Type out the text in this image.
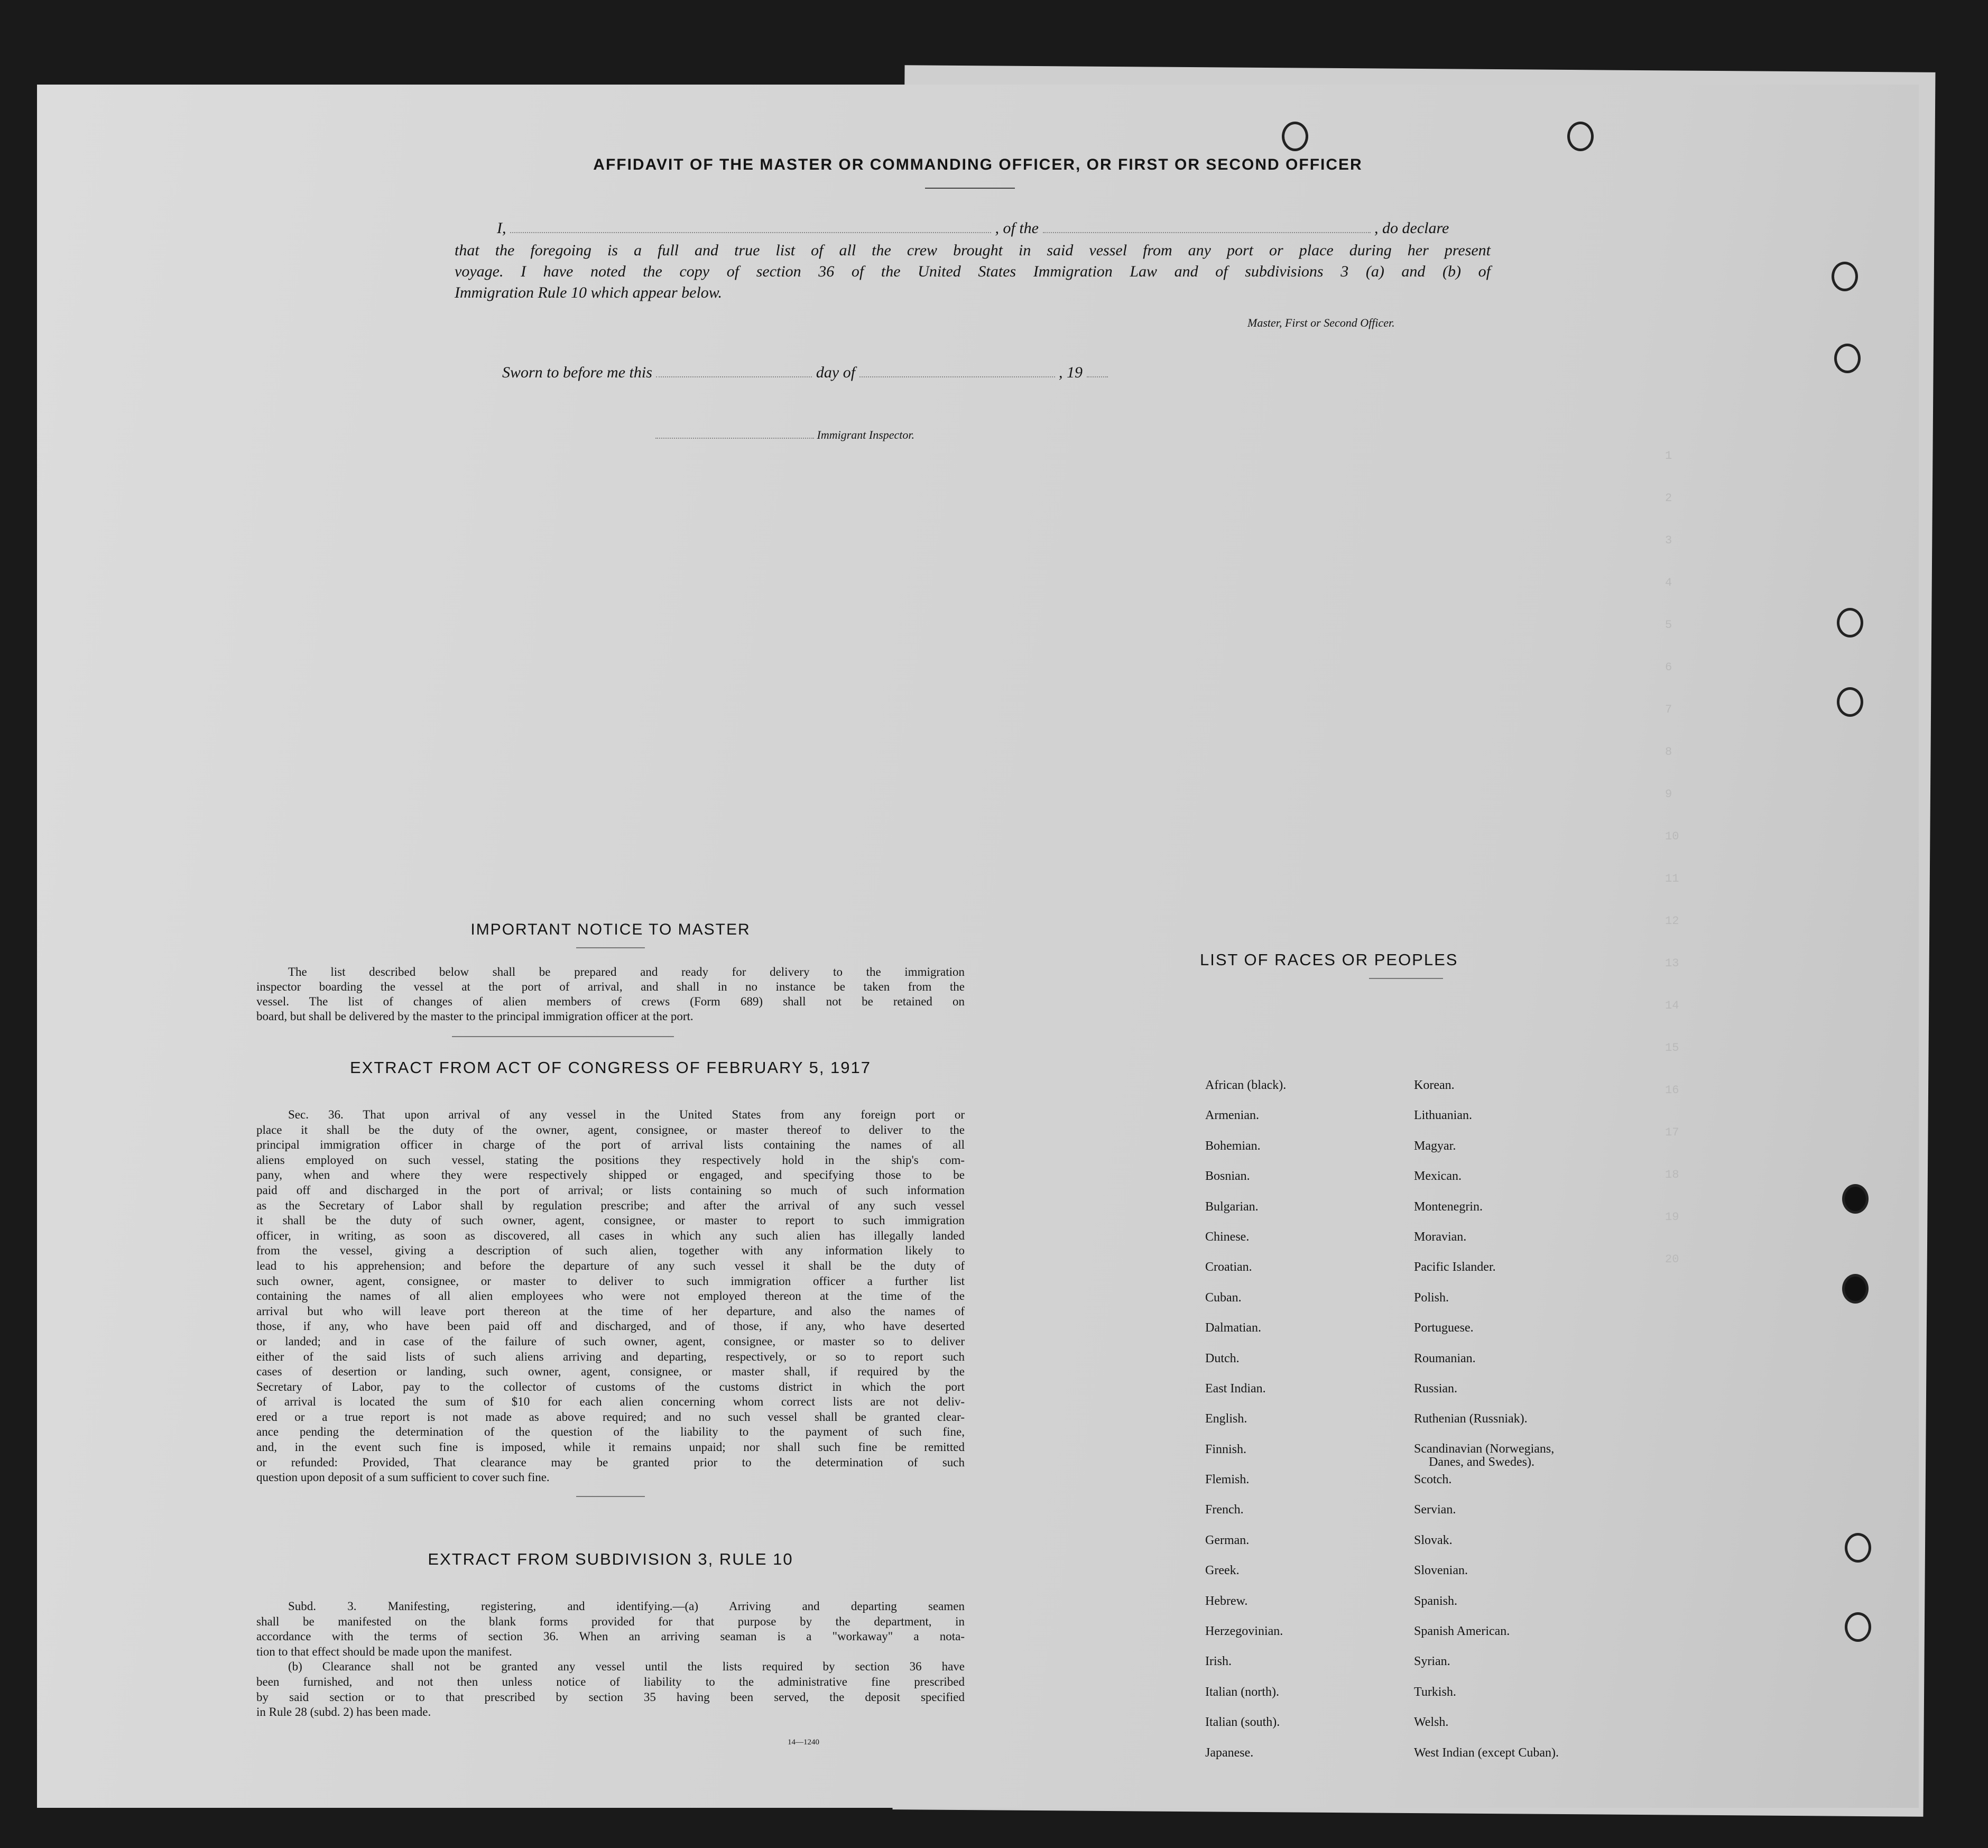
1
2
3
4
5
6
7
8
9
10
11
12
13
14
15
16
17
18
19
20
AFFIDAVIT OF THE MASTER OR COMMANDING OFFICER, OR FIRST OR SECOND OFFICER
I,	, of the	, do declare
that the foregoing is a full and true list of all the crew brought in said vessel from any port or place during her present
voyage. I have noted the copy of section 36 of the United States Immigration Law and of subdivisions 3 (a) and (b) of
Immigration Rule 10 which appear below.
Master, First or Second Officer.
Sworn to before me this	day of	, 19
Immigrant Inspector.
IMPORTANT NOTICE TO MASTER
The list described below shall be prepared and ready for delivery to the immigration
inspector boarding the vessel at the port of arrival, and shall in no instance be taken from the
vessel. The list of changes of alien members of crews (Form 689) shall not be retained on
board, but shall be delivered by the master to the principal immigration officer at the port.
EXTRACT FROM ACT OF CONGRESS OF FEBRUARY 5, 1917
Sec. 36. That upon arrival of any vessel in the United States from any foreign port or
place it shall be the duty of the owner, agent, consignee, or master thereof to deliver to the
principal immigration officer in charge of the port of arrival lists containing the names of all
aliens employed on such vessel, stating the positions they respectively hold in the ship's com-
pany, when and where they were respectively shipped or engaged, and specifying those to be
paid off and discharged in the port of arrival; or lists containing so much of such information
as the Secretary of Labor shall by regulation prescribe; and after the arrival of any such vessel
it shall be the duty of such owner, agent, consignee, or master to report to such immigration
officer, in writing, as soon as discovered, all cases in which any such alien has illegally landed
from the vessel, giving a description of such alien, together with any information likely to
lead to his apprehension; and before the departure of any such vessel it shall be the duty of
such owner, agent, consignee, or master to deliver to such immigration officer a further list
containing the names of all alien employees who were not employed thereon at the time of the
arrival but who will leave port thereon at the time of her departure, and also the names of
those, if any, who have been paid off and discharged, and of those, if any, who have deserted
or landed; and in case of the failure of such owner, agent, consignee, or master so to deliver
either of the said lists of such aliens arriving and departing, respectively, or so to report such
cases of desertion or landing, such owner, agent, consignee, or master shall, if required by the
Secretary of Labor, pay to the collector of customs of the customs district in which the port
of arrival is located the sum of $10 for each alien concerning whom correct lists are not deliv-
ered or a true report is not made as above required; and no such vessel shall be granted clear-
ance pending the determination of the question of the liability to the payment of such fine,
and, in the event such fine is imposed, while it remains unpaid; nor shall such fine be remitted
or refunded: Provided, That clearance may be granted prior to the determination of such
question upon deposit of a sum sufficient to cover such fine.
EXTRACT FROM SUBDIVISION 3, RULE 10
Subd. 3. Manifesting, registering, and identifying.—(a) Arriving and departing seamen
shall be manifested on the blank forms provided for that purpose by the department, in
accordance with the terms of section 36. When an arriving seaman is a "workaway" a nota-
tion to that effect should be made upon the manifest.
(b) Clearance shall not be granted any vessel until the lists required by section 36 have
been furnished, and not then unless notice of liability to the administrative fine prescribed
by said section or to that prescribed by section 35 having been served, the deposit specified
in Rule 28 (subd. 2) has been made.
14—1240
LIST OF RACES OR PEOPLES
African (black).	Korean.
Armenian.	Lithuanian.
Bohemian.	Magyar.
Bosnian.	Mexican.
Bulgarian.	Montenegrin.
Chinese.	Moravian.
Croatian.	Pacific Islander.
Cuban.	Polish.
Dalmatian.	Portuguese.
Dutch.	Roumanian.
East Indian.	Russian.
English.	Ruthenian (Russniak).
Finnish.	Scandinavian (Norwegians,
Danes, and Swedes).
Flemish.	Scotch.
French.	Servian.
German.	Slovak.
Greek.	Slovenian.
Hebrew.	Spanish.
Herzegovinian.	Spanish American.
Irish.	Syrian.
Italian (north).	Turkish.
Italian (south).	Welsh.
Japanese.	West Indian (except Cuban).
